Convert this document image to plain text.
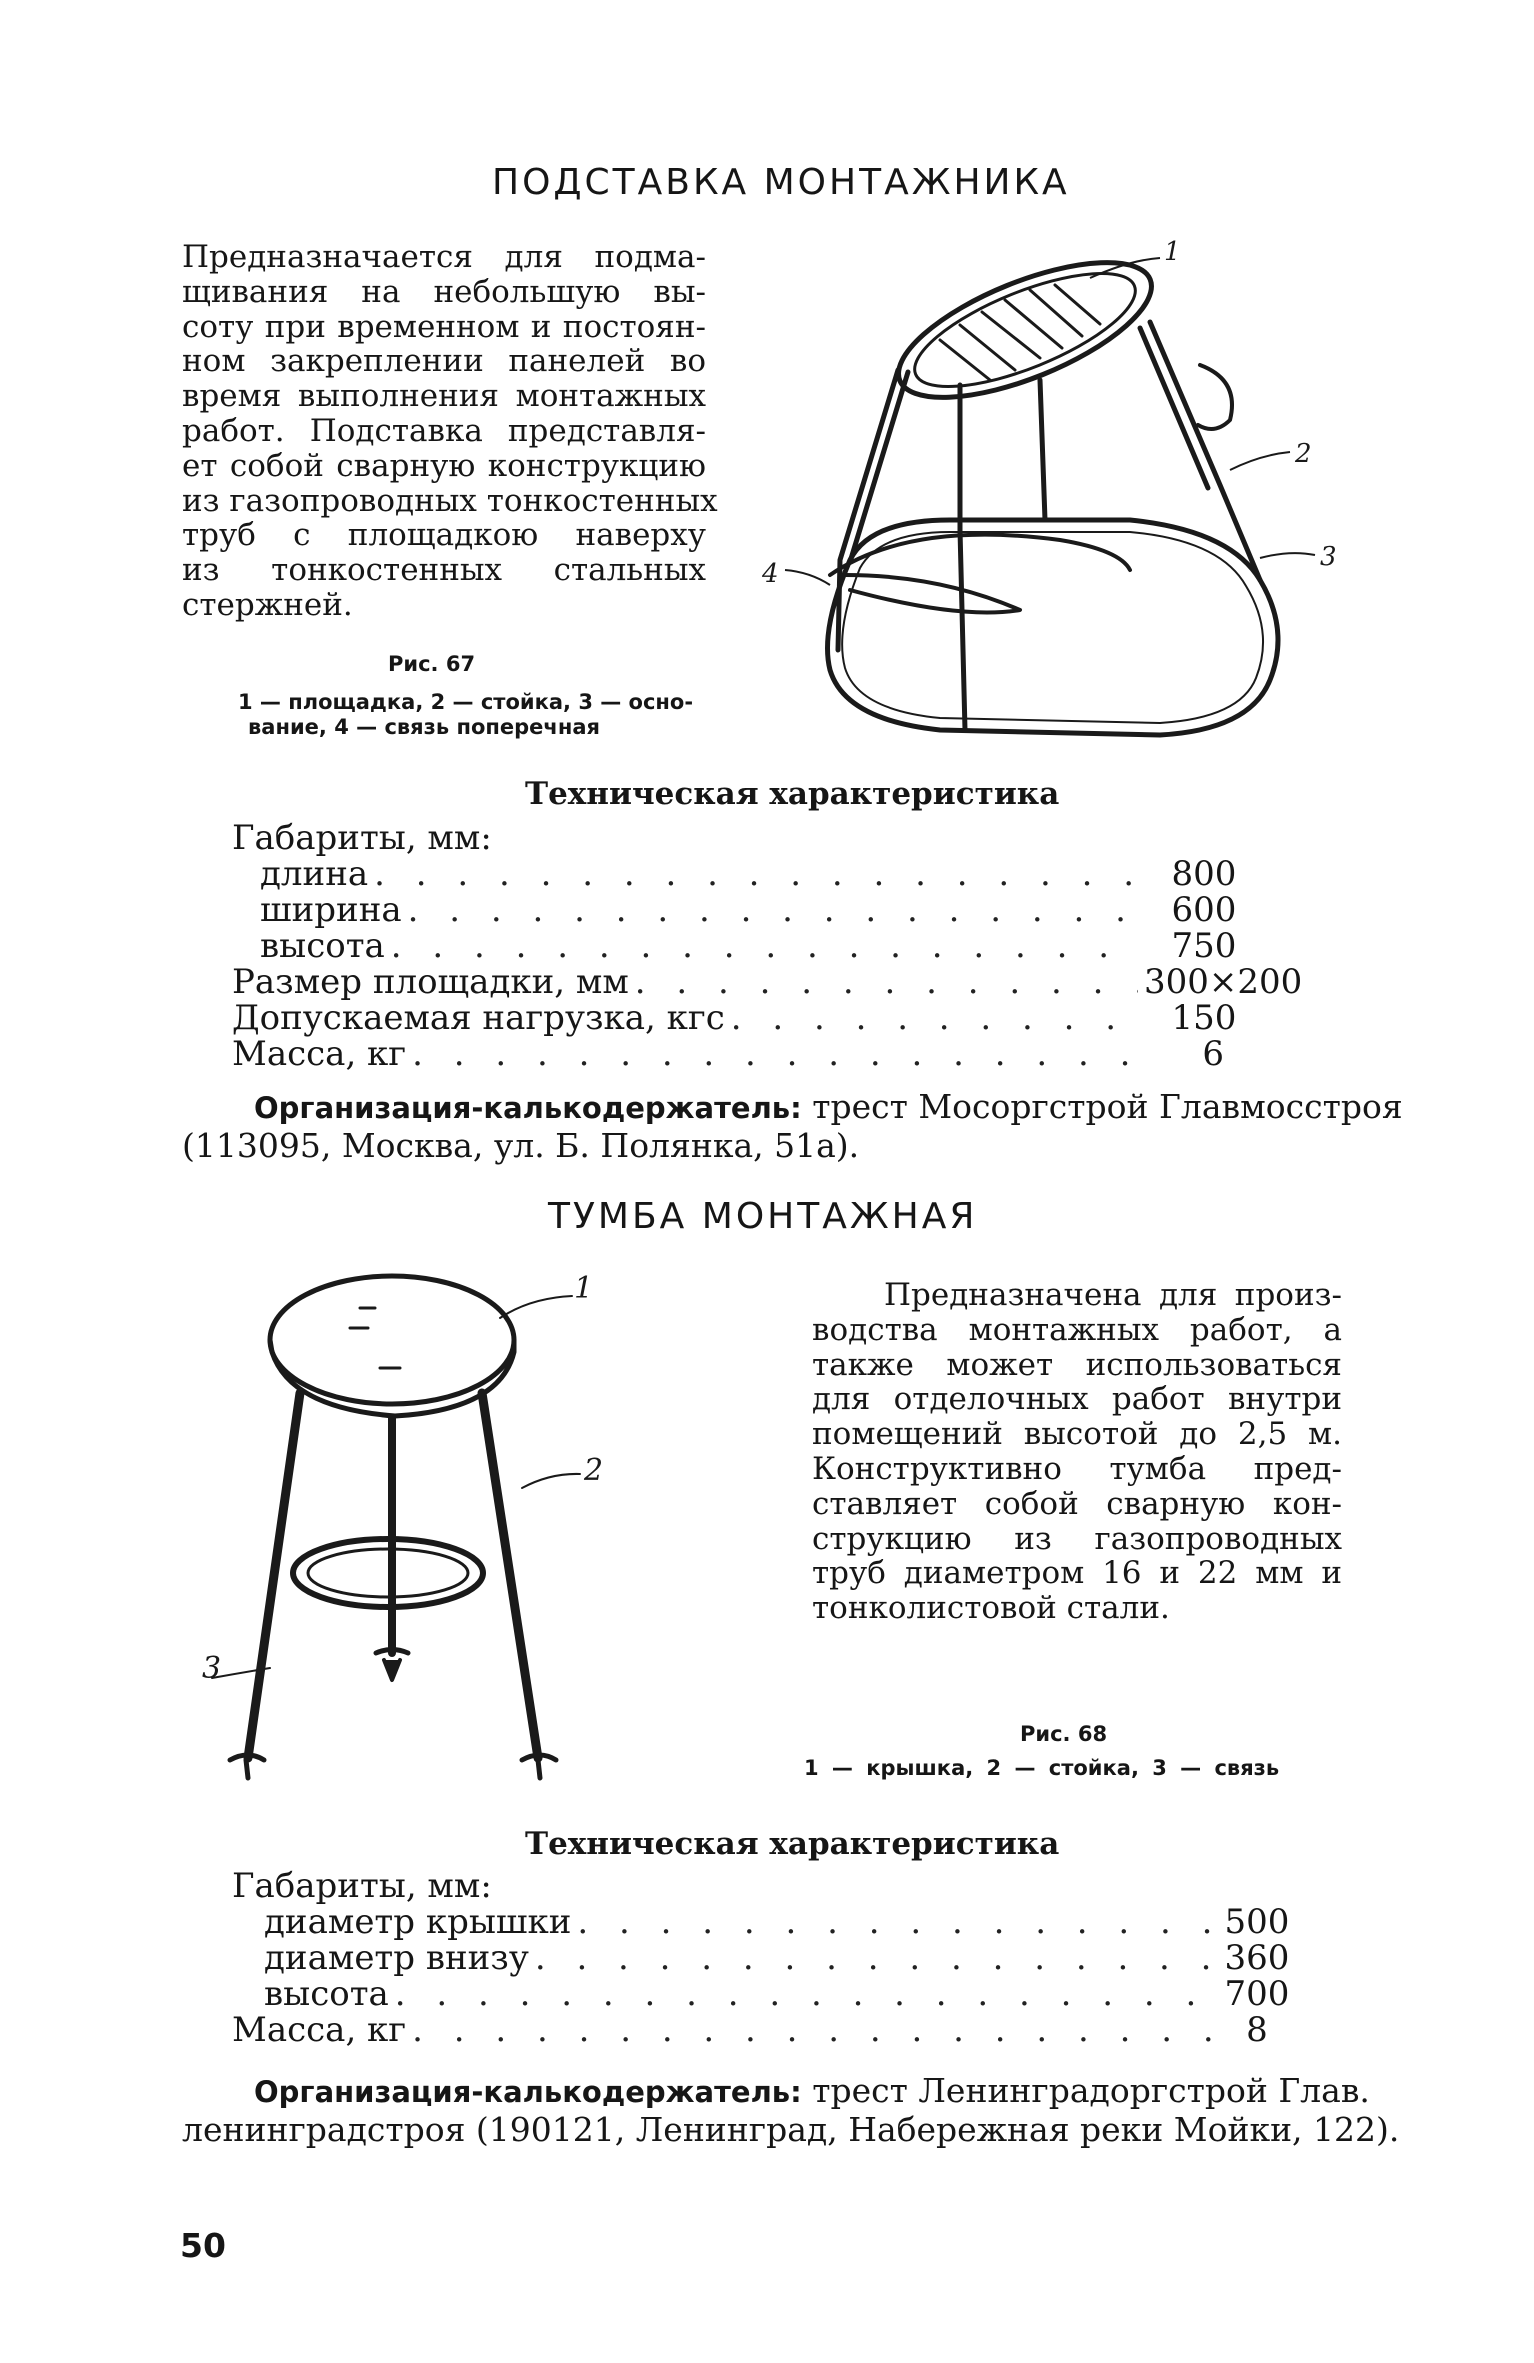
ПОДСТАВКА МОНТАЖНИКА
Предназначается для подма-
щивания на небольшую вы-
соту при временном и постоян-
ном закреплении панелей во
время выполнения монтажных
работ. Подставка представля-
ет собой сварную конструкцию
из газопроводных тонкостенных
труб с площадкою наверху
из тонкостенных стальных
стержней.
Рис. 67
1 — площадка, 2 — стойка, 3 — осно-
вание, 4 — связь поперечная
1
2
3
4
Техническая характеристика
Габариты, мм:
длина . . .	800
ширина . . .	600
высота . . .	750
Размер площадки, мм . . .	300×200
Допускаемая нагрузка, кгс . . .	150
Масса, кг . . .	6
Организация-калькодержатель: трест Мосоргстрой Главмосстроя
(113095, Москва, ул. Б. Полянка, 51а).
ТУМБА МОНТАЖНАЯ
1
2
3
Предназначена для произ-
водства монтажных работ, а
также может использоваться
для отделочных работ внутри
помещений высотой до 2,5 м.
Конструктивно тумба пред-
ставляет собой сварную кон-
струкцию из газопроводных
труб диаметром 16 и 22 мм и
тонколистовой стали.
Рис. 68
1 — крышка, 2 — стойка, 3 — связь
Техническая характеристика
Габариты, мм:
диаметр крышки . . .	500
диаметр внизу . . .	360
высота . . .	700
Масса, кг . . .	8
Организация-калькодержатель: трест Ленинградоргстрой Глав.
ленинградстроя (190121, Ленинград, Набережная реки Мойки, 122).
50
